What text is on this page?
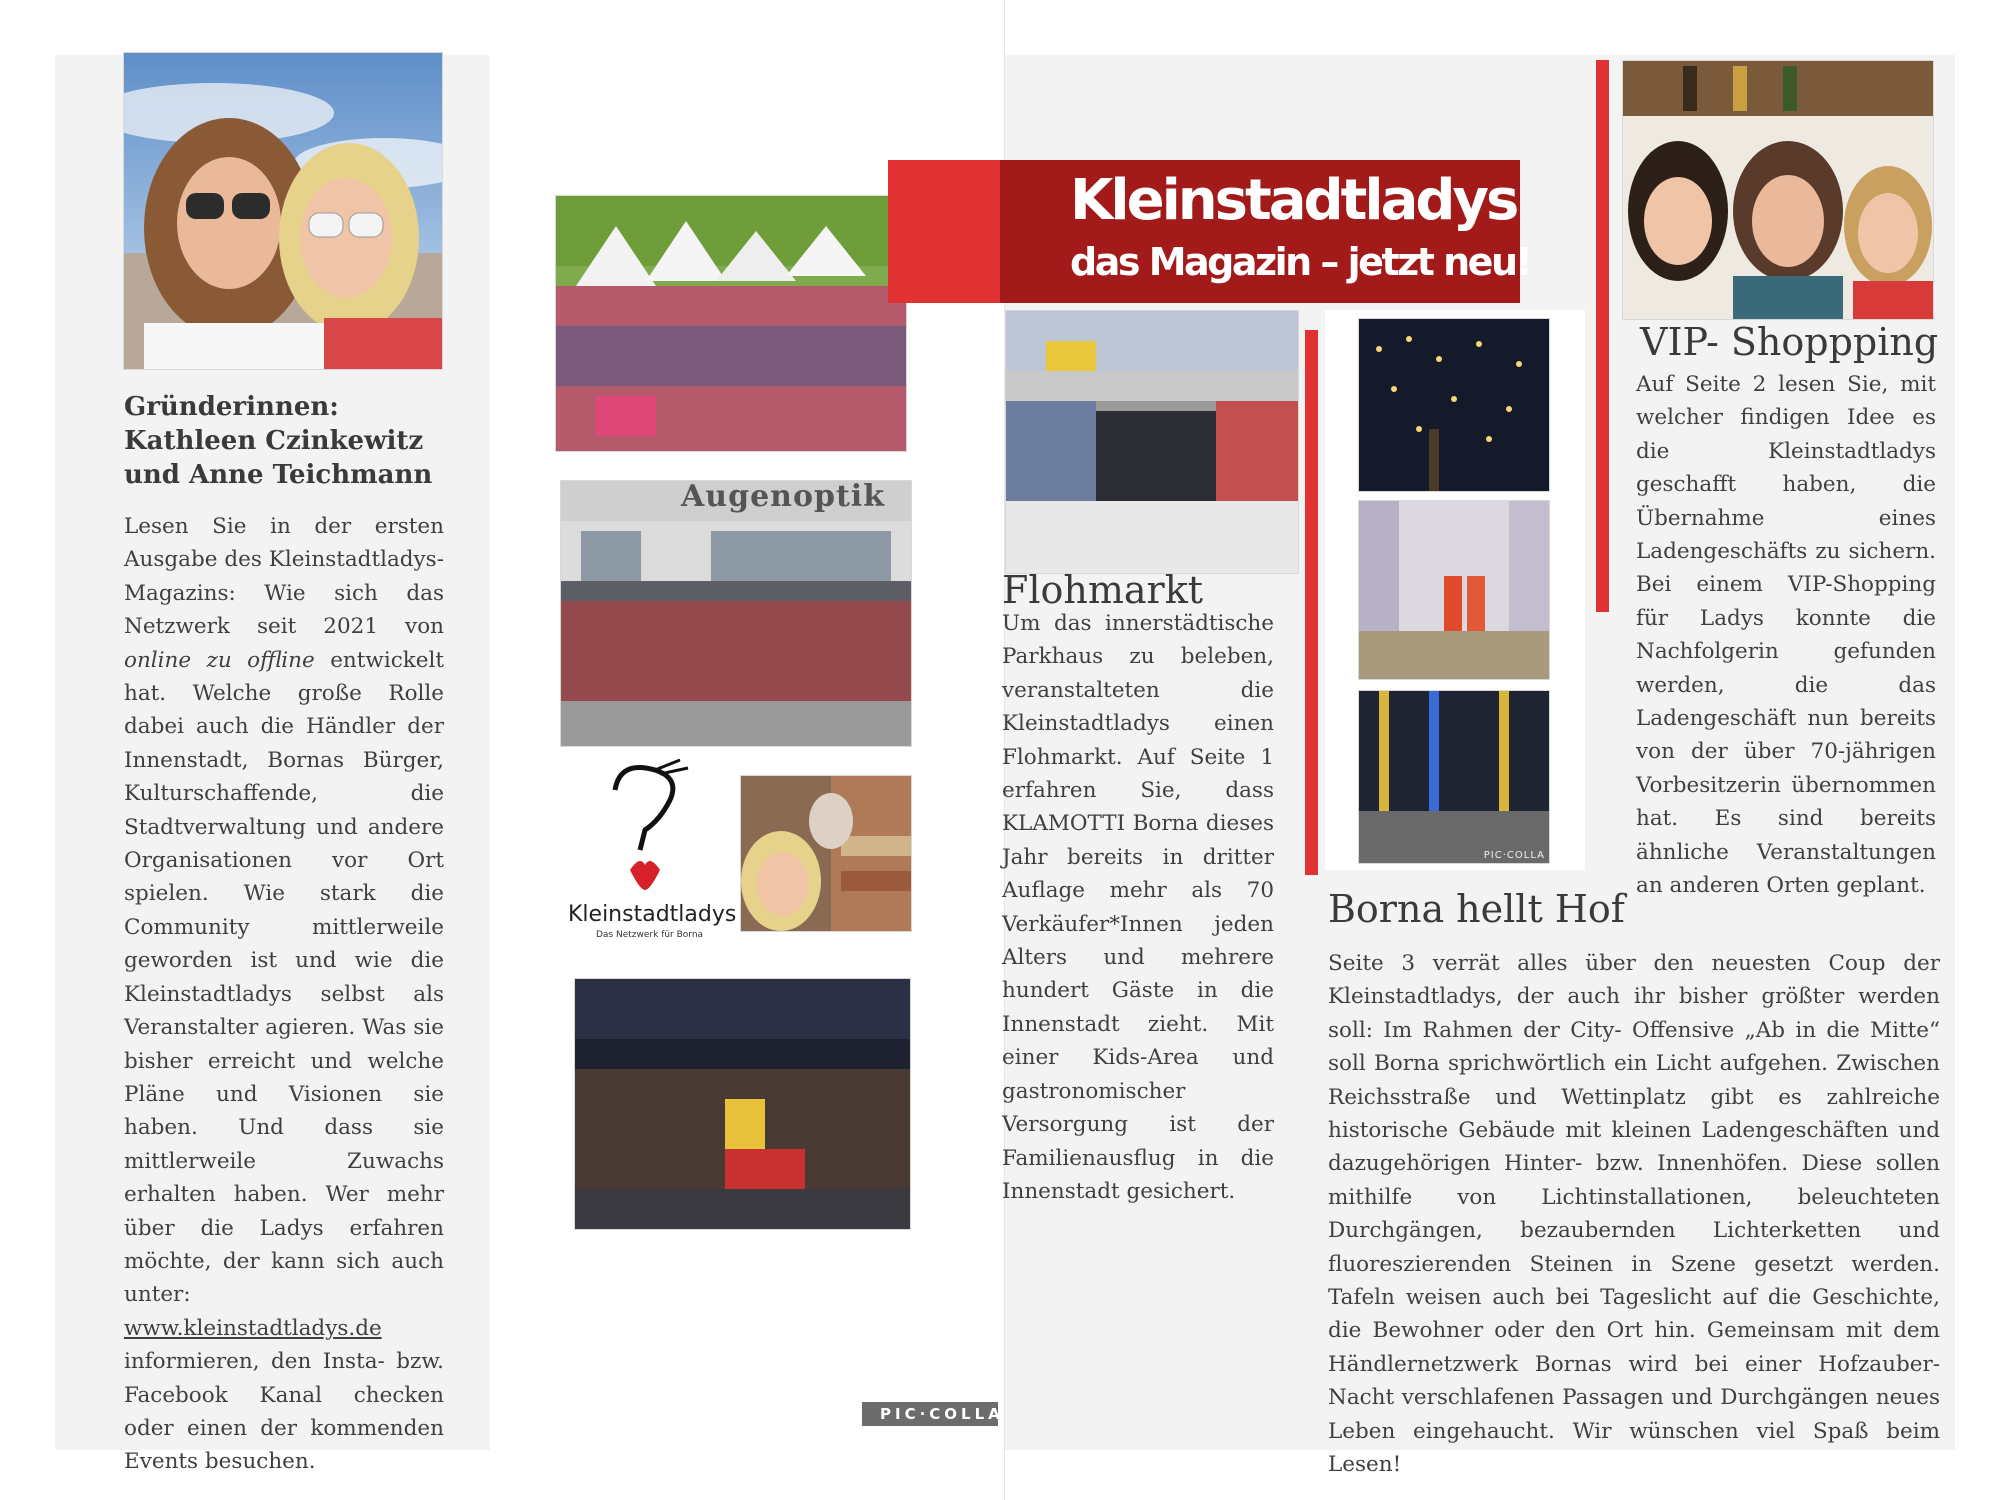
Gründerinnen:
Kathleen Czinkewitz
und Anne Teichmann
Lesen Sie in der ersten Ausgabe des Kleinstadtladys-Magazins: Wie sich das Netzwerk seit 2021 von online zu offline entwickelt hat. Welche große Rolle dabei auch die Händler der Innenstadt, Bornas Bürger, Kulturschaffende, die Stadtverwaltung und andere Organisationen vor Ort spielen. Wie stark die Community mittlerweile geworden ist und wie die Kleinstadtladys selbst als Veranstalter agieren. Was sie bisher erreicht und welche Pläne und Visionen sie haben. Und dass sie mittlerweile Zuwachs erhalten haben. Wer mehr über die Ladys erfahren möchte, der kann sich auch unter: www.kleinstadtladys.de informieren, den Insta- bzw. Facebook Kanal checken oder einen der kommenden Events besuchen.
Augenoptik
Kleinstadtladys
Das Netzwerk für Borna
PIC·COLLA
Kleinstadtladys
das Magazin – jetzt neu!
Flohmarkt
Um das innerstädtische Parkhaus zu beleben, veranstalteten die Kleinstadtladys einen Flohmarkt. Auf Seite 1 erfahren Sie, dass KLAMOTTI Borna dieses Jahr bereits in dritter Auflage mehr als 70 Verkäufer*Innen jeden Alters und mehrere hundert Gäste in die Innenstadt zieht. Mit einer Kids-Area und gastronomischer Versorgung ist der Familienausflug in die Innenstadt gesichert.
PIC·COLLA
VIP- Shoppping
Auf Seite 2 lesen Sie, mit welcher findigen Idee es die Kleinstadtladys geschafft haben, die Übernahme eines Ladengeschäfts zu sichern. Bei einem VIP-Shopping für Ladys konnte die Nachfolgerin gefunden werden, die das Ladengeschäft nun bereits von der über 70-jährigen Vorbesitzerin übernommen hat. Es sind bereits ähnliche Veranstaltungen an anderen Orten geplant.
Borna hellt Hof
Seite 3 verrät alles über den neuesten Coup der Kleinstadtladys, der auch ihr bisher größter werden soll: Im Rahmen der City- Offensive „Ab in die Mitte“ soll Borna sprichwörtlich ein Licht aufgehen. Zwischen Reichsstraße und Wettinplatz gibt es zahlreiche historische Gebäude mit kleinen Ladengeschäften und dazugehörigen Hinter- bzw. Innenhöfen. Diese sollen mithilfe von Lichtinstallationen, beleuchteten Durchgängen, bezaubernden Lichterketten und fluoreszierenden Steinen in Szene gesetzt werden. Tafeln weisen auch bei Tageslicht auf die Geschichte, die Bewohner oder den Ort hin. Gemeinsam mit dem Händlernetzwerk Bornas wird bei einer Hofzauber-Nacht verschlafenen Passagen und Durchgängen neues Leben eingehaucht. Wir wünschen viel Spaß beim Lesen!
